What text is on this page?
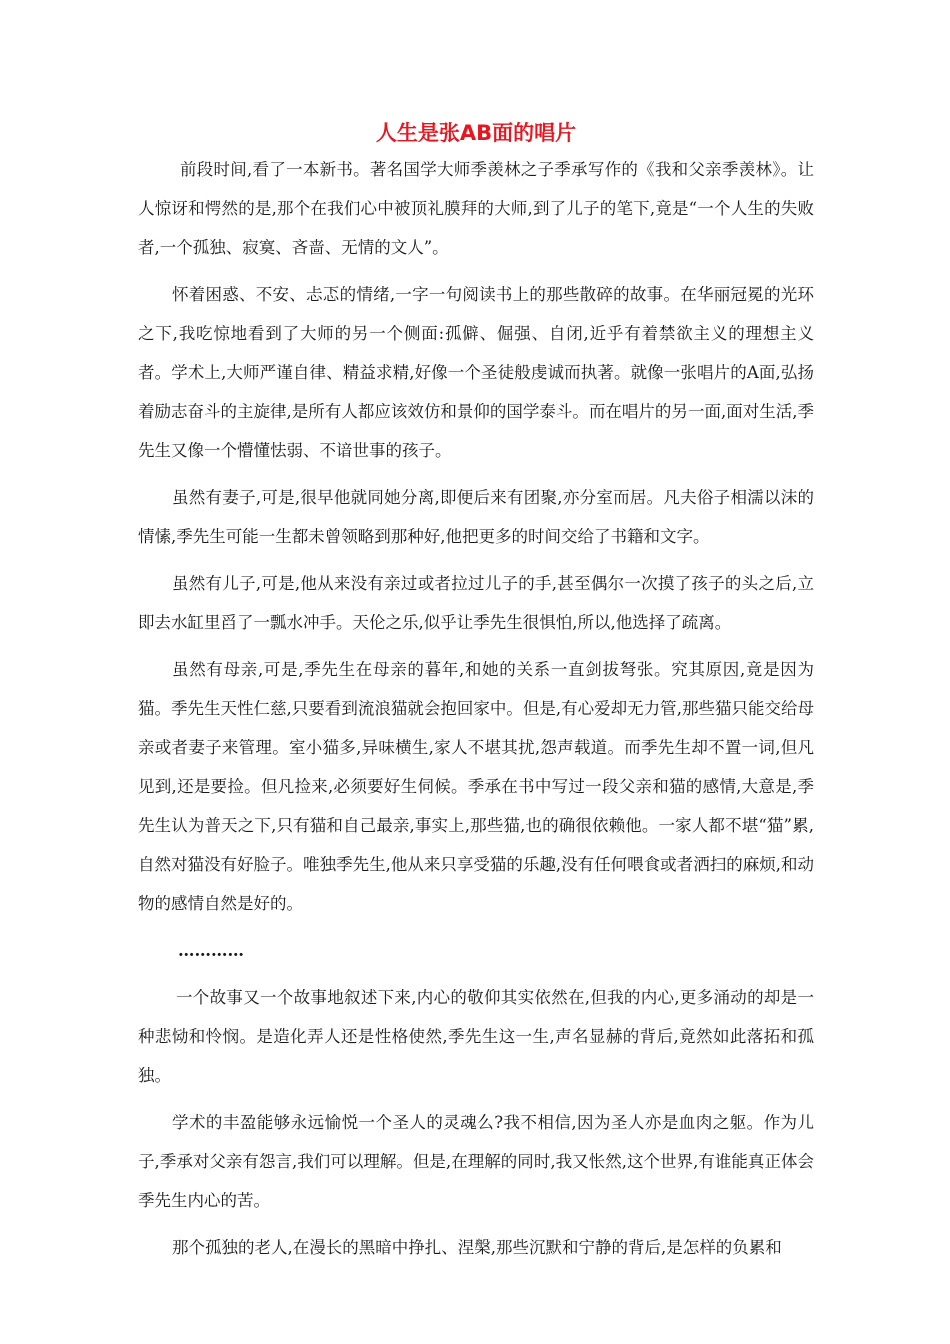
人生是张AB面的唱片

前段时间,看了一本新书。著名国学大师季羡林之子季承写作的《我和父亲季羡林》。让人惊讶和愕然的是,那个在我们心中被顶礼膜拜的大师,到了儿子的笔下,竟是“一个人生的失败者,一个孤独、寂寞、吝啬、无情的文人”。

怀着困惑、不安、忐忑的情绪,一字一句阅读书上的那些散碎的故事。在华丽冠冕的光环之下,我吃惊地看到了大师的另一个侧面:孤僻、倔强、自闭,近乎有着禁欲主义的理想主义者。学术上,大师严谨自律、精益求精,好像一个圣徒般虔诚而执著。就像一张唱片的A面,弘扬着励志奋斗的主旋律,是所有人都应该效仿和景仰的国学泰斗。而在唱片的另一面,面对生活,季先生又像一个懵懂怯弱、不谙世事的孩子。

虽然有妻子,可是,很早他就同她分离,即便后来有团聚,亦分室而居。凡夫俗子相濡以沫的情愫,季先生可能一生都未曾领略到那种好,他把更多的时间交给了书籍和文字。

虽然有儿子,可是,他从来没有亲过或者拉过儿子的手,甚至偶尔一次摸了孩子的头之后,立即去水缸里舀了一瓢水冲手。天伦之乐,似乎让季先生很惧怕,所以,他选择了疏离。

虽然有母亲,可是,季先生在母亲的暮年,和她的关系一直剑拔弩张。究其原因,竟是因为猫。季先生天性仁慈,只要看到流浪猫就会抱回家中。但是,有心爱却无力管,那些猫只能交给母亲或者妻子来管理。室小猫多,异味横生,家人不堪其扰,怨声载道。而季先生却不置一词,但凡见到,还是要捡。但凡捡来,必须要好生伺候。季承在书中写过一段父亲和猫的感情,大意是,季先生认为普天之下,只有猫和自己最亲,事实上,那些猫,也的确很依赖他。一家人都不堪“猫”累,自然对猫没有好脸子。唯独季先生,他从来只享受猫的乐趣,没有任何喂食或者洒扫的麻烦,和动物的感情自然是好的。

…………

一个故事又一个故事地叙述下来,内心的敬仰其实依然在,但我的内心,更多涌动的却是一种悲恸和怜悯。是造化弄人还是性格使然,季先生这一生,声名显赫的背后,竟然如此落拓和孤独。

学术的丰盈能够永远愉悦一个圣人的灵魂么?我不相信,因为圣人亦是血肉之躯。作为儿子,季承对父亲有怨言,我们可以理解。但是,在理解的同时,我又怅然,这个世界,有谁能真正体会季先生内心的苦。

那个孤独的老人,在漫长的黑暗中挣扎、涅槃,那些沉默和宁静的背后,是怎样的负累和
